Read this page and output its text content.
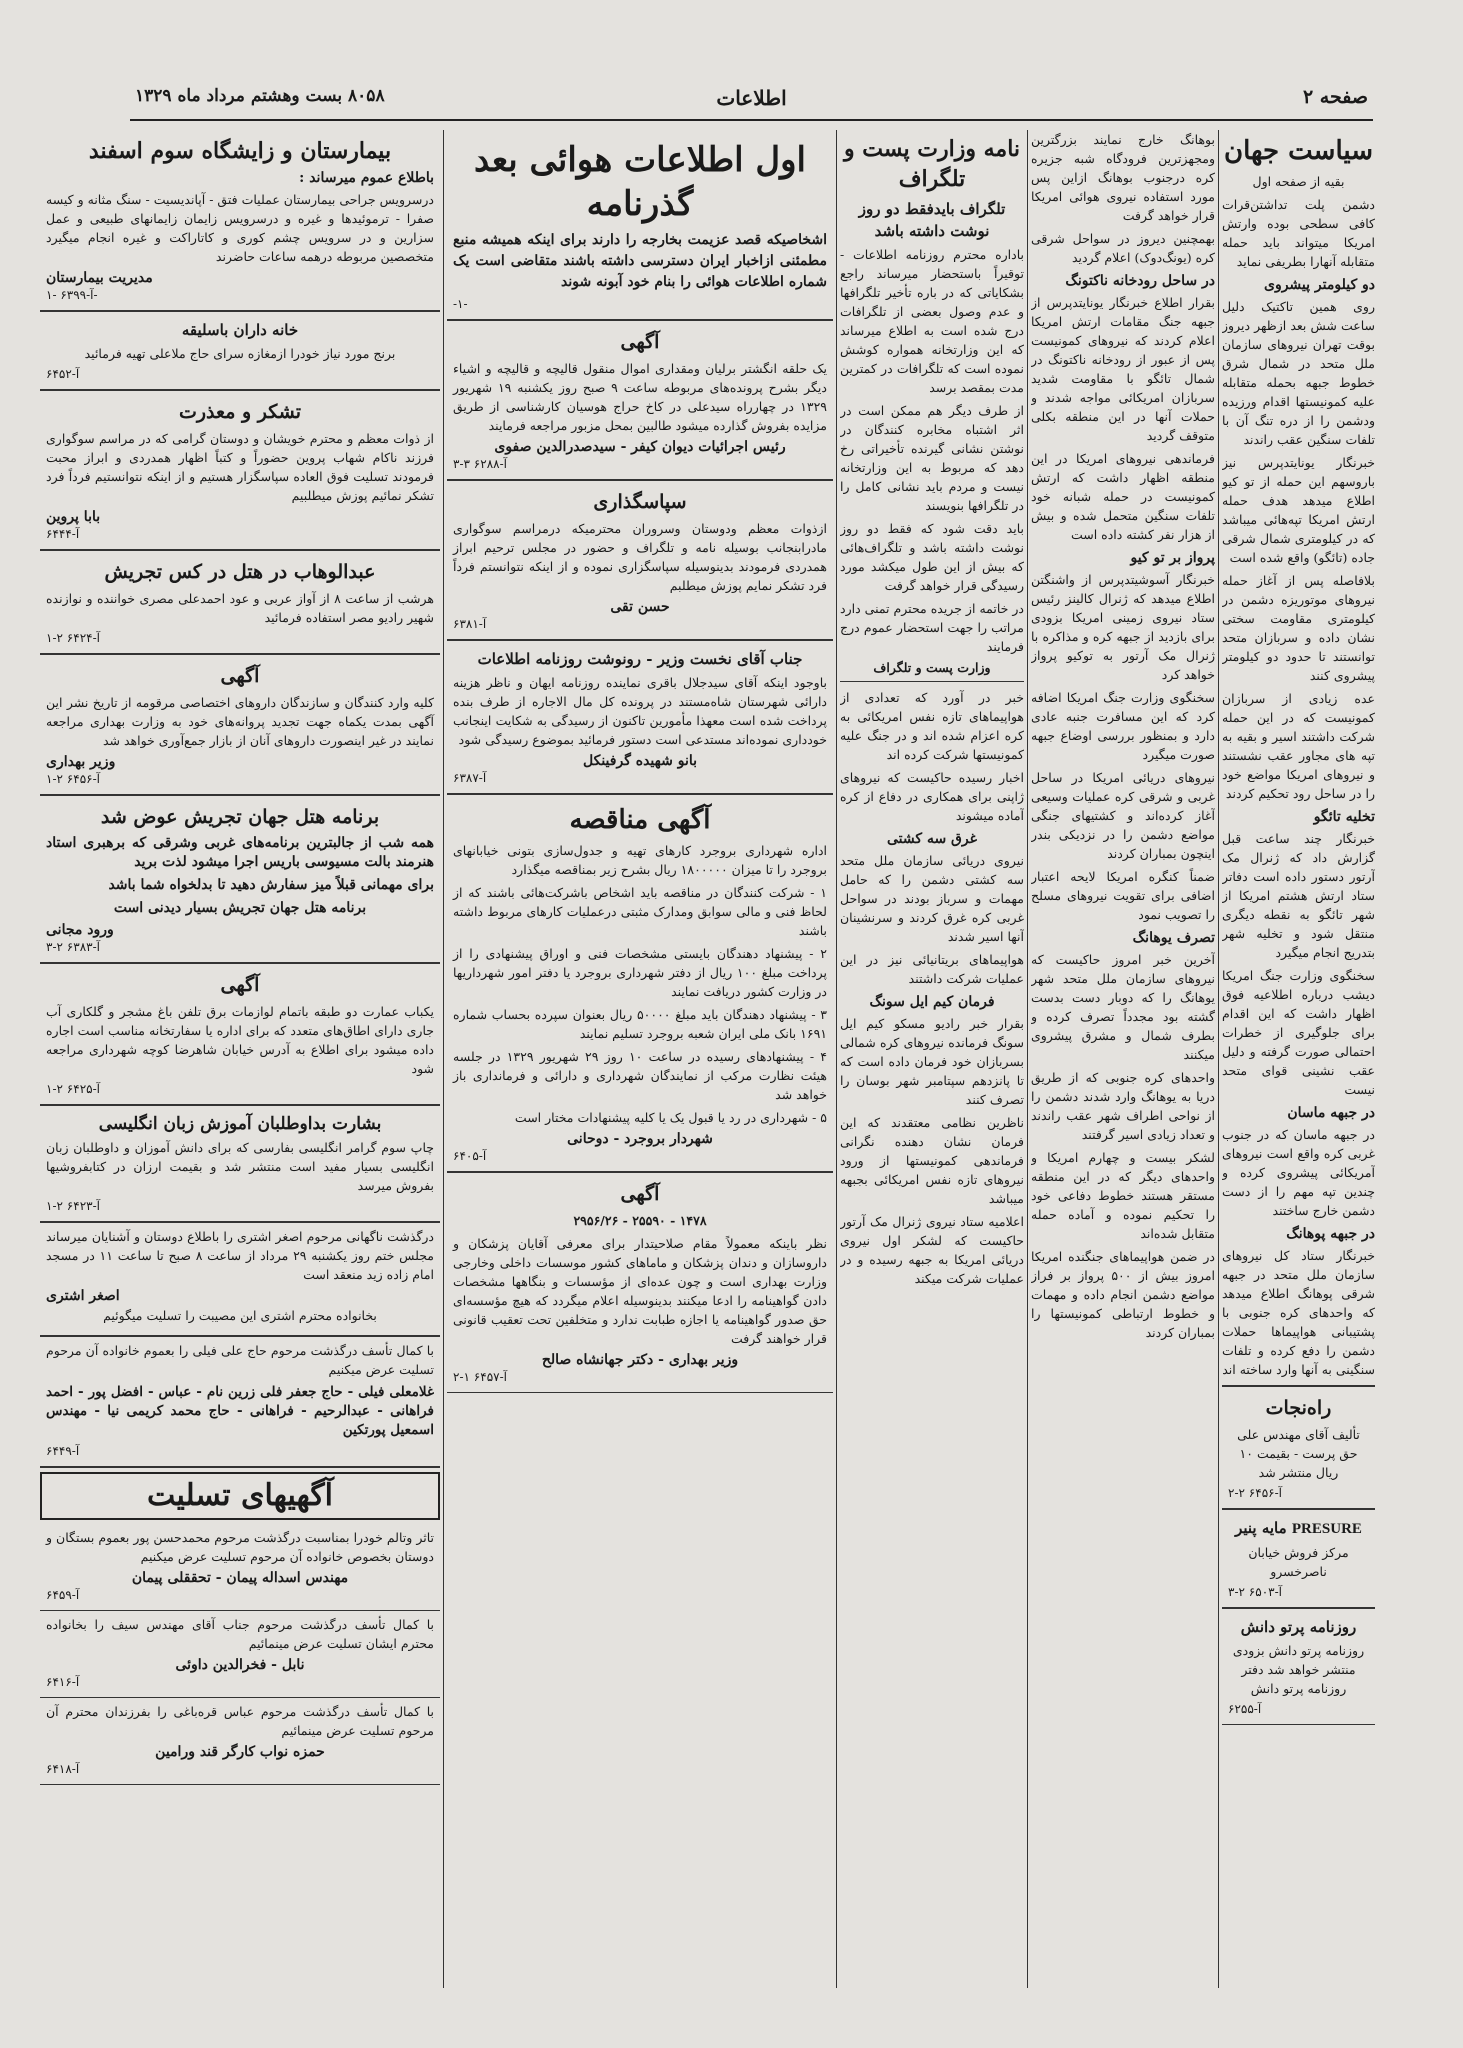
صفحه ۲
اطلاعات
۸۰۵۸ بست وهشتم مرداد ماه ۱۳۲۹
سیاست جهان
بقیه از صفحه اول

دشمن پلت تداشتن‌قرات کافی سطحی بوده وارتش امریکا میتواند باید حمله متقابله آنهارا بطریفی نماید

دو کیلومتر پیشروی

روی همین تاکتیک دلیل ساعت شش بعد ازظهر دیروز بوقت تهران نیروهای سازمان ملل متحد در شمال شرق خطوط جبهه بحمله متقابله علیه کمونیستها اقدام ورزیده ودشمن را از دره تنگ آن با تلفات سنگین عقب راندند

خبرنگار یونایتدپرس نیز باروسهم این حمله از تو کیو اطلاع میدهد هدف حمله ارتش امریکا تپه‌هائی میباشد که در کیلومتری شمال شرقی جاده (تائگو) واقع شده است

بلافاصله پس از آغاز حمله نیروهای موتوریزه دشمن در کیلومتری مقاومت سختی نشان داده و سربازان متحد توانستند تا حدود دو کیلومتر پیشروی کنند

عده زیادی از سربازان کمونیست که در این حمله شرکت داشتند اسیر و بقیه به تپه های مجاور عقب نشستند و نیروهای امریکا مواضع خود را در ساحل رود تحکیم کردند

تخلیه تائگو

خبرنگار چند ساعت قبل گزارش داد که ژنرال مک آرتور دستور داده است دفاتر ستاد ارتش هشتم امریکا از شهر تائگو به نقطه دیگری منتقل شود و تخلیه شهر بتدریج انجام میگیرد

سخنگوی وزارت جنگ امریکا دیشب درباره اطلاعیه فوق اظهار داشت که این اقدام برای جلوگیری از خطرات احتمالی صورت گرفته و دلیل عقب نشینی قوای متحد نیست

در جبهه ماسان

در جبهه ماسان که در جنوب غربی کره واقع است نیروهای آمریکائی پیشروی کرده و چندین تپه مهم را از دست دشمن خارج ساختند

در جبهه پوهانگ

خبرنگار ستاد کل نیروهای سازمان ملل متحد در جبهه شرقی پوهانگ اطلاع میدهد که واحدهای کره جنوبی با پشتیبانی هواپیماها حملات دشمن را دفع کرده و تلفات سنگینی به آنها وارد ساخته اند

راه‌نجات
تألیف آقای مهندس علی حق پرست - بقیمت ۱۰ ریال منتشر شد
آ-۶۴۵۶ ۲-۲
PRESURE مایه پنیر
مرکز فروش خیابان ناصرخسرو
آ-۶۵۰۳ ۲-۳
روزنامه پرتو دانش
روزنامه پرتو دانش بزودی منتشر خواهد شد دفتر روزنامه پرتو دانش
آ-۶۲۵۵

بوهانگ خارج نمایند بزرگترین ومجهزترین فرودگاه شبه جزیره کره درجنوب بوهانگ ازاین پس مورد استفاده نیروی هوائی امریکا قرار خواهد گرفت

بهمچنین دیروز در سواحل شرقی کره (یونگ‌دوک) اعلام گردید

در ساحل رودخانه ناکتونگ

بقرار اطلاع خبرنگار یونایتدپرس از جبهه جنگ مقامات ارتش امریکا اعلام کردند که نیروهای کمونیست پس از عبور از رودخانه ناکتونگ در شمال تائگو با مقاومت شدید سربازان امریکائی مواجه شدند و حملات آنها در این منطقه بکلی متوقف گردید

فرماندهی نیروهای امریکا در این منطقه اظهار داشت که ارتش کمونیست در حمله شبانه خود تلفات سنگین متحمل شده و بیش از هزار نفر کشته داده است

پرواز بر تو کیو

خبرنگار آسوشیتدپرس از واشنگتن اطلاع میدهد که ژنرال کالینز رئیس ستاد نیروی زمینی امریکا بزودی برای بازدید از جبهه کره و مذاکره با ژنرال مک آرتور به توکیو پرواز خواهد کرد

سخنگوی وزارت جنگ امریکا اضافه کرد که این مسافرت جنبه عادی دارد و بمنظور بررسی اوضاع جبهه صورت میگیرد

نیروهای دریائی امریکا در ساحل غربی و شرقی کره عملیات وسیعی آغاز کرده‌اند و کشتیهای جنگی مواضع دشمن را در نزدیکی بندر اینچون بمباران کردند

ضمناً کنگره امریکا لایحه اعتبار اضافی برای تقویت نیروهای مسلح را تصویب نمود

تصرف یوهانگ

آخرین خبر امروز حاکیست که نیروهای سازمان ملل متحد شهر یوهانگ را که دوبار دست بدست گشته بود مجدداً تصرف کرده و بطرف شمال و مشرق پیشروی میکنند

واحدهای کره جنوبی که از طریق دریا به یوهانگ وارد شدند دشمن را از نواحی اطراف شهر عقب راندند و تعداد زیادی اسیر گرفتند

لشکر بیست و چهارم امریکا و واحدهای دیگر که در این منطقه مستقر هستند خطوط دفاعی خود را تحکیم نموده و آماده حمله متقابل شده‌اند

در ضمن هواپیماهای جنگنده امریکا امروز بیش از ۵۰۰ پرواز بر فراز مواضع دشمن انجام داده و مهمات و خطوط ارتباطی کمونیستها را بمباران کردند

نامه وزارت پست و تلگراف
تلگراف بایدفقط دو روز نوشت داشته باشد

باداره محترم روزنامه اطلاعات - توقیراً باستحضار میرساند راجع بشکایاتی که در باره تأخیر تلگرافها و عدم وصول بعضی از تلگرافات درج شده است به اطلاع میرساند که این وزارتخانه همواره کوشش نموده است که تلگرافات در کمترین مدت بمقصد برسد

از طرف دیگر هم ممکن است در اثر اشتباه مخابره کنندگان در نوشتن نشانی گیرنده تأخیراتی رخ دهد که مربوط به این وزارتخانه نیست و مردم باید نشانی کامل را در تلگرافها بنویسند

باید دقت شود که فقط دو روز نوشت داشته باشد و تلگراف‌هائی که بیش از این طول میکشد مورد رسیدگی قرار خواهد گرفت

در خاتمه از جریده محترم تمنی دارد مراتب را جهت استحضار عموم درج فرمایند

وزارت پست و تلگراف

خبر در آورد که تعدادی از هواپیماهای تازه نفس امریکائی به کره اعزام شده اند و در جنگ علیه کمونیستها شرکت کرده اند

اخبار رسیده حاکیست که نیروهای ژاپنی برای همکاری در دفاع از کره آماده میشوند

غرق سه کشتی

نیروی دریائی سازمان ملل متحد سه کشتی دشمن را که حامل مهمات و سرباز بودند در سواحل غربی کره غرق کردند و سرنشینان آنها اسیر شدند

هواپیماهای بریتانیائی نیز در این عملیات شرکت داشتند

فرمان کیم ایل سونگ

بقرار خبر رادیو مسکو کیم ایل سونگ فرمانده نیروهای کره شمالی بسربازان خود فرمان داده است که تا پانزدهم سپتامبر شهر بوسان را تصرف کنند

ناظرین نظامی معتقدند که این فرمان نشان دهنده نگرانی فرماندهی کمونیستها از ورود نیروهای تازه نفس امریکائی بجبهه میباشد

اعلامیه ستاد نیروی ژنرال مک آرتور حاکیست که لشکر اول نیروی دریائی امریکا به جبهه رسیده و در عملیات شرکت میکند

اول اطلاعات هوائی بعد گذرنامه

اشخاصیکه قصد عزیمت بخارجه را دارند برای اینکه همیشه منبع مطمئنی ازاخبار ایران دسترسی داشته باشند متقاضی است یک شماره اطلاعات هوائی را بنام خود آبونه شوند

-۱-
آگهی

یک حلقه انگشتر برلیان ومقداری اموال منقول قالیچه و قالیچه و اشیاء دیگر بشرح پرونده‌های مربوطه ساعت ۹ صبح روز یکشنبه ۱۹ شهریور ۱۳۲۹ در چهارراه سیدعلی در کاخ حراج هوسیان کارشناسی از طریق مزایده بفروش گذارده میشود طالبین بمحل مزبور مراجعه فرمایند

رئیس اجرائیات دیوان کیفر - سیدصدرالدین صفوی
آ-۶۲۸۸ ۳-۳
سپاسگذاری

ازذوات معظم ودوستان وسروران محترمیکه درمراسم سوگواری مادرابنجانب بوسیله نامه و تلگراف و حضور در مجلس ترحیم ابراز همدردی فرمودند بدینوسیله سپاسگزاری نموده و از اینکه نتوانستم فرداً فرد تشکر نمایم پوزش میطلبم

حسن تقی
آ-۶۳۸۱
جناب آقای نخست وزیر - رونوشت روزنامه اطلاعات

باوجود اینکه آقای سیدجلال باقری نماینده روزنامه ایهان و ناظر هزینه دارائی شهرستان شاه‌مستند در پرونده کل مال الاجاره از طرف بنده پرداخت شده است معهذا مأمورین تاکنون از رسیدگی به شکایت اینجانب خودداری نموده‌اند مستدعی است دستور فرمائید بموضوع رسیدگی شود

بانو شهیده گرفینکل
آ-۶۳۸۷
آگهی مناقصه

اداره شهرداری بروجرد کارهای تهیه و جدول‌سازی بتونی خیابانهای بروجرد را تا میزان ۱۸۰۰۰۰۰ ریال بشرح زیر بمناقصه میگذارد

۱ - شرکت کنندگان در مناقصه باید اشخاص باشرکت‌هائی باشند که از لحاظ فنی و مالی سوابق ومدارک مثبتی درعملیات کارهای مربوط داشته باشند

۲ - پیشنهاد دهندگان بایستی مشخصات فنی و اوراق پیشنهادی را از پرداخت مبلغ ۱۰۰ ریال از دفتر شهرداری بروجرد یا دفتر امور شهرداریها در وزارت کشور دریافت نمایند

۳ - پیشنهاد دهندگان باید مبلغ ۵۰۰۰۰ ریال بعنوان سپرده بحساب شماره ۱۶۹۱ بانک ملی ایران شعبه بروجرد تسلیم نمایند

۴ - پیشنهادهای رسیده در ساعت ۱۰ روز ۲۹ شهریور ۱۳۲۹ در جلسه هیئت نظارت مرکب از نمایندگان شهرداری و دارائی و فرمانداری باز خواهد شد

۵ - شهرداری در رد یا قبول یک یا کلیه پیشنهادات مختار است

شهردار بروجرد - دوحانی
آ-۶۴۰۵
آگهی
۱۴۷۸ - ۲۵۵۹۰ - ۲۹۵۶/۲۶

نظر باینکه معمولاً مقام صلاحیتدار برای معرفی آقایان پزشکان و داروسازان و دندان پزشکان و ماماهای کشور موسسات داخلی وخارجی وزارت بهداری است و چون عده‌ای از مؤسسات و بنگاهها مشخصات دادن گواهینامه را ادعا میکنند بدینوسیله اعلام میگردد که هیچ مؤسسه‌ای حق صدور گواهینامه یا اجازه طبابت ندارد و متخلفین تحت تعقیب قانونی قرار خواهند گرفت

وزیر بهداری - دکتر جهانشاه صالح
آ-۶۴۵۷ ۱-۲
بیمارستان و زایشگاه سوم اسفند
باطلاع عموم میرساند :

درسرویس جراحی بیمارستان عملیات فتق - آپاندیسیت - سنگ مثانه و کیسه صفرا - ترموئیدها و غیره و درسرویس زایمان زایمانهای طبیعی و عمل سزارین و در سرویس چشم کوری و کاتاراکت و غیره انجام میگیرد متخصصین مربوطه درهمه ساعات حاضرند

مدیریت بیمارستان
آ-۶۳۹۹ -۱-
خانه داران باسلیقه
برنج مورد نیاز خودرا ازمغازه سرای حاج ملاعلی تهیه فرمائید
آ-۶۴۵۲
تشکر و معذرت

از ذوات معظم و محترم خویشان و دوستان گرامی که در مراسم سوگواری فرزند ناکام شهاب پروین حضوراً و کتباً اظهار همدردی و ابراز محبت فرمودند تسلیت فوق العاده سپاسگزار هستیم و از اینکه نتوانستیم فرداً فرد تشکر نمائیم پوزش میطلبیم

بابا پروین
آ-۶۴۴۴
عبدالوهاب در هتل در کس تجریش

هرشب از ساعت ۸ از آواز عربی و عود احمدعلی مصری خواننده و نوازنده شهیر رادیو مصر استفاده فرمائید

آ-۶۴۲۴ ۲-۱
آگهی

کلیه وارد کنندگان و سازندگان داروهای اختصاصی مرقومه از تاریخ نشر این آگهی بمدت یکماه جهت تجدید پروانه‌های خود به وزارت بهداری مراجعه نمایند در غیر اینصورت داروهای آنان از بازار جمع‌آوری خواهد شد

وزیر بهداری
آ-۶۴۵۶ ۲-۱
برنامه هتل جهان تجریش عوض شد
همه شب از جالبترین برنامه‌های غربی وشرقی که برهبری استاد هنرمند بالت مسیوسی باریس اجرا میشود لذت برید
برای مهمانی قبلاً میز سفارش دهید تا بدلخواه شما باشد
برنامه هتل جهان تجریش بسیار دیدنی است
ورود مجانی
آ-۶۳۸۳ ۲-۳
آگهی

یکباب عمارت دو طبقه باتمام لوازمات برق تلفن باغ مشجر و گلکاری آب جاری دارای اطاق‌های متعدد که برای اداره یا سفارتخانه مناسب است اجاره داده میشود برای اطلاع به آدرس خیابان شاهرضا کوچه شهرداری مراجعه شود

آ-۶۴۲۵ ۲-۱
بشارت بداوطلبان آموزش زبان انگلیسی

چاپ سوم گرامر انگلیسی بفارسی که برای دانش آموزان و داوطلبان زبان انگلیسی بسیار مفید است منتشر شد و بقیمت ارزان در کتابفروشیها بفروش میرسد

آ-۶۴۲۳ ۲-۱

درگذشت ناگهانی مرحوم اصغر اشتری را باطلاع دوستان و آشنایان میرساند مجلس ختم روز یکشنبه ۲۹ مرداد از ساعت ۸ صبح تا ساعت ۱۱ در مسجد امام زاده زید منعقد است

اصغر اشتری
بخانواده محترم اشتری این مصیبت را تسلیت میگوئیم

با کمال تأسف درگذشت مرحوم حاج علی فیلی را بعموم خانواده آن مرحوم تسلیت عرض میکنیم

غلامعلی فیلی - حاج جعفر فلی زرین نام - عباس - افضل پور - احمد فراهانی - عبدالرحیم - فراهانی - حاج محمد کریمی نیا - مهندس اسمعیل پورتکین
آ-۶۴۴۹
آگهیهای تسلیت

تاثر وتالم خودرا بمناسبت درگذشت مرحوم محمدحسن پور بعموم بستگان و دوستان بخصوص خانواده آن مرحوم تسلیت عرض میکنیم

مهندس اسداله پیمان - تحققلی پیمان
آ-۶۴۵۹

با کمال تأسف درگذشت مرحوم جناب آقای مهندس سیف را بخانواده محترم ایشان تسلیت عرض مینمائیم

نابل - فخرالدین داوئی
آ-۶۴۱۶

با کمال تأسف درگذشت مرحوم عباس قره‌باغی را بفرزندان محترم آن مرحوم تسلیت عرض مینمائیم

حمزه نواب کارگر قند ورامین
آ-۶۴۱۸
